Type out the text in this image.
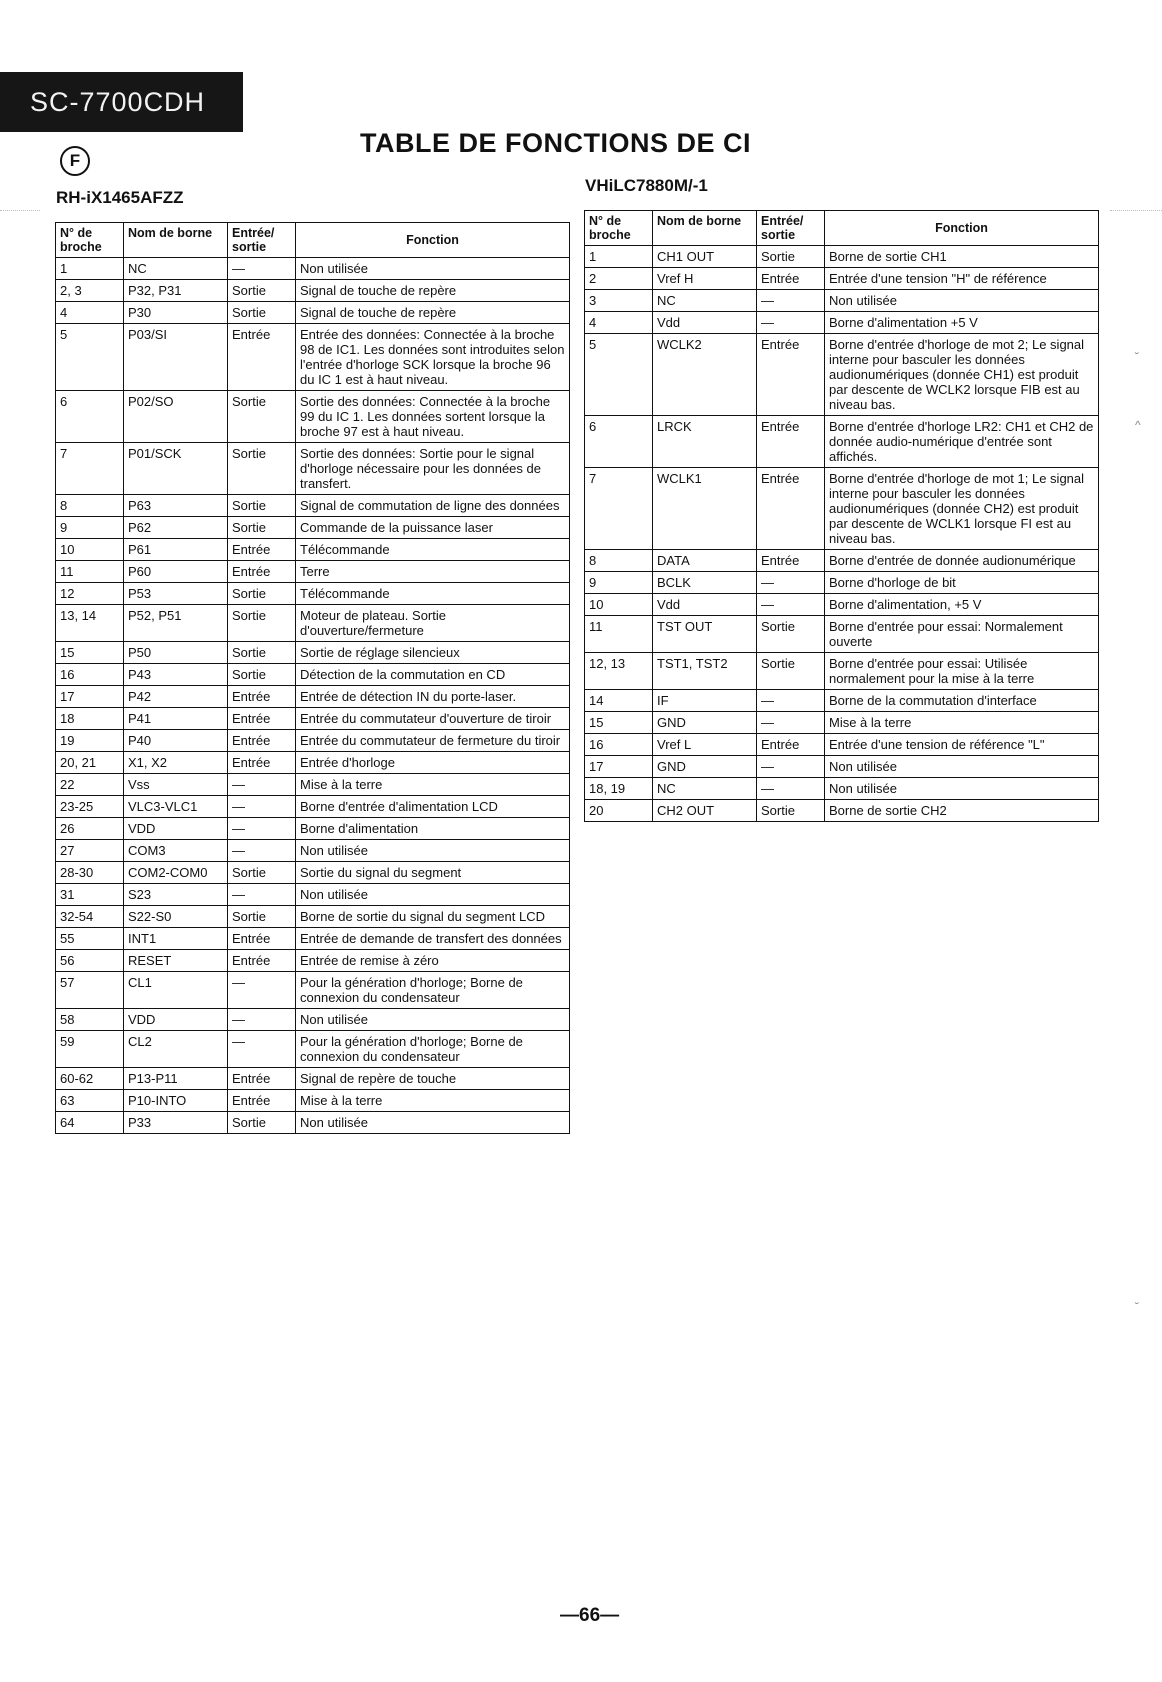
SC-7700CDH
F
TABLE DE FONCTIONS DE CI
RH-iX1465AFZZ
VHiLC7880M/-1
N° de broche	Nom de borne	Entrée/ sortie	Fonction
1	NC	—	Non utilisée
2, 3	P32, P31	Sortie	Signal de touche de repère
4	P30	Sortie	Signal de touche de repère
5	P03/SI	Entrée	Entrée des données: Connectée à la broche 98 de IC1. Les données sont introduites selon l'entrée d'horloge SCK lorsque la broche 96 du IC 1 est à haut niveau.
6	P02/SO	Sortie	Sortie des données: Connectée à la broche 99 du IC 1. Les données sortent lorsque la broche 97 est à haut niveau.
7	P01/SCK	Sortie	Sortie des données: Sortie pour le signal d'horloge nécessaire pour les données de transfert.
8	P63	Sortie	Signal de commutation de ligne des données
9	P62	Sortie	Commande de la puissance laser
10	P61	Entrée	Télécommande
11	P60	Entrée	Terre
12	P53	Sortie	Télécommande
13, 14	P52, P51	Sortie	Moteur de plateau. Sortie d'ouverture/fermeture
15	P50	Sortie	Sortie de réglage silencieux
16	P43	Sortie	Détection de la commutation en CD
17	P42	Entrée	Entrée de détection IN du porte-laser.
18	P41	Entrée	Entrée du commutateur d'ouverture de tiroir
19	P40	Entrée	Entrée du commutateur de fermeture du tiroir
20, 21	X1, X2	Entrée	Entrée d'horloge
22	Vss	—	Mise à la terre
23-25	VLC3-VLC1	—	Borne d'entrée d'alimentation LCD
26	VDD	—	Borne d'alimentation
27	COM3	—	Non utilisée
28-30	COM2-COM0	Sortie	Sortie du signal du segment
31	S23	—	Non utilisée
32-54	S22-S0	Sortie	Borne de sortie du signal du segment LCD
55	INT1	Entrée	Entrée de demande de transfert des données
56	RESET	Entrée	Entrée de remise à zéro
57	CL1	—	Pour la génération d'horloge; Borne de connexion du condensateur
58	VDD	—	Non utilisée
59	CL2	—	Pour la génération d'horloge; Borne de connexion du condensateur
60-62	P13-P11	Entrée	Signal de repère de touche
63	P10-INTO	Entrée	Mise à la terre
64	P33	Sortie	Non utilisée
N° de broche	Nom de borne	Entrée/ sortie	Fonction
1	CH1 OUT	Sortie	Borne de sortie CH1
2	Vref H	Entrée	Entrée d'une tension "H" de référence
3	NC	—	Non utilisée
4	Vdd	—	Borne d'alimentation +5 V
5	WCLK2	Entrée	Borne d'entrée d'horloge de mot 2; Le signal interne pour basculer les données audionumériques (donnée CH1) est produit par descente de WCLK2 lorsque FIB est au niveau bas.
6	LRCK	Entrée	Borne d'entrée d'horloge LR2: CH1 et CH2 de donnée audio-numérique d'entrée sont affichés.
7	WCLK1	Entrée	Borne d'entrée d'horloge de mot 1; Le signal interne pour basculer les données audionumériques (donnée CH2) est produit par descente de WCLK1 lorsque FI est au niveau bas.
8	DATA	Entrée	Borne d'entrée de donnée audionumérique
9	BCLK	—	Borne d'horloge de bit
10	Vdd	—	Borne d'alimentation, +5 V
11	TST OUT	Sortie	Borne d'entrée pour essai: Normalement ouverte
12, 13	TST1, TST2	Sortie	Borne d'entrée pour essai: Utilisée normalement pour la mise à la terre
14	IF	—	Borne de la commutation d'interface
15	GND	—	Mise à la terre
16	Vref L	Entrée	Entrée d'une tension de référence "L"
17	GND	—	Non utilisée
18, 19	NC	—	Non utilisée
20	CH2 OUT	Sortie	Borne de sortie CH2
—66—
˘
^
˘
